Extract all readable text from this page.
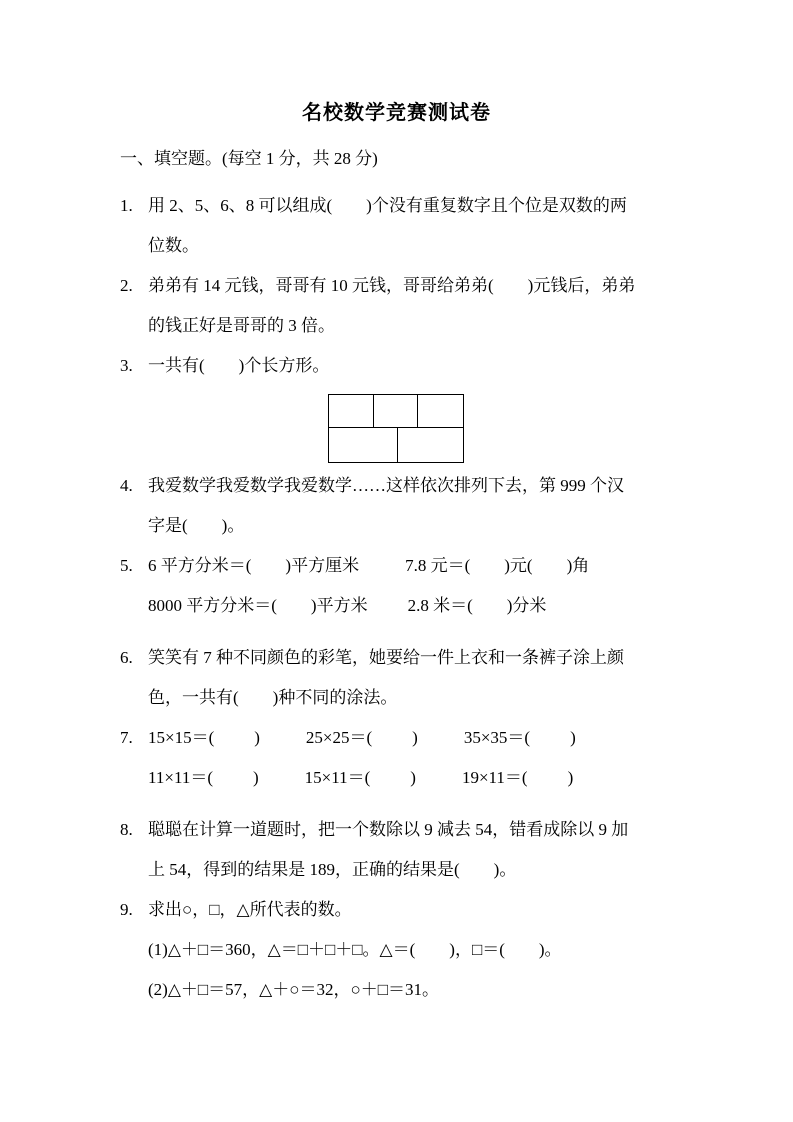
名校数学竞赛测试卷
一、填空题。(每空 1 分，共 28 分)
1. 用 2、5、6、8 可以组成( )个没有重复数字且个位是双数的两
位数。
2. 弟弟有 14 元钱，哥哥有 10 元钱，哥哥给弟弟( )元钱后，弟弟
的钱正好是哥哥的 3 倍。
3. 一共有( )个长方形。
4. 我爱数学我爱数学我爱数学……这样依次排列下去，第 999 个汉
字是( )。
5. 6 平方分米＝( )平方厘米	7.8 元＝( )元( )角
8000 平方分米＝( )平方米 2.8 米＝( )分米
6. 笑笑有 7 种不同颜色的彩笔，她要给一件上衣和一条裤子涂上颜
色，一共有( )种不同的涂法。
7. 15×15＝( )	25×25＝( )	35×35＝( )
11×11＝( )	15×11＝( )	19×11＝( )
8. 聪聪在计算一道题时，把一个数除以 9 减去 54，错看成除以 9 加
上 54，得到的结果是 189，正确的结果是( )。
9. 求出○，□，△所代表的数。
(1)△＋□＝360，△＝□＋□＋□。△＝( )，□＝( )。
(2)△＋□＝57，△＋○＝32，○＋□＝31。
